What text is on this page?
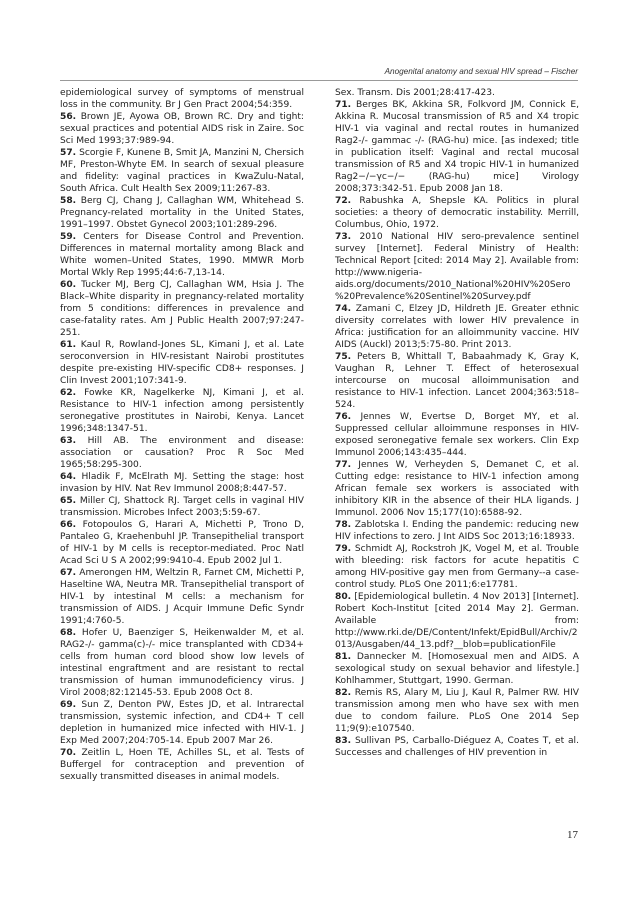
Anogenital anatomy and sexual HIV spread – Fischer

epidemiological survey of symptoms of menstrual loss in the community. Br J Gen Pract 2004;54:359.

56. Brown JE, Ayowa OB, Brown RC. Dry and tight: sexual practices and potential AIDS risk in Zaire. Soc Sci Med 1993;37:989-94.

57. Scorgie F, Kunene B, Smit JA, Manzini N, Chersich MF, Preston-Whyte EM. In search of sexual pleasure and fidelity: vaginal practices in KwaZulu-Natal, South Africa. Cult Health Sex 2009;11:267-83.

58. Berg CJ, Chang J, Callaghan WM, Whitehead S. Pregnancy-related mortality in the United States, 1991–1997. Obstet Gynecol 2003;101:289-296.

59. Centers for Disease Control and Prevention. Differences in maternal mortality among Black and White women–United States, 1990. MMWR Morb Mortal Wkly Rep 1995;44:6-7,13-14.

60. Tucker MJ, Berg CJ, Callaghan WM, Hsia J. The Black–White disparity in pregnancy-related mortality from 5 conditions: differences in prevalence and case-fatality rates. Am J Public Health 2007;97:247-251.

61. Kaul R, Rowland-Jones SL, Kimani J, et al. Late seroconversion in HIV-resistant Nairobi prostitutes despite pre-existing HIV-specific CD8+ responses. J Clin Invest 2001;107:341-9.

62. Fowke KR, Nagelkerke NJ, Kimani J, et al. Resistance to HIV-1 infection among persistently seronegative prostitutes in Nairobi, Kenya. Lancet 1996;348:1347-51.

63. Hill AB. The environment and disease: association or causation? Proc R Soc Med 1965;58:295-300.

64. Hladik F, McElrath MJ. Setting the stage: host invasion by HIV. Nat Rev Immunol 2008;8:447-57.

65. Miller CJ, Shattock RJ. Target cells in vaginal HIV transmission. Microbes Infect 2003;5:59-67.

66. Fotopoulos G, Harari A, Michetti P, Trono D, Pantaleo G, Kraehenbuhl JP. Transepithelial transport of HIV-1 by M cells is receptor-mediated. Proc Natl Acad Sci U S A 2002;99:9410-4. Epub 2002 Jul 1.

67. Amerongen HM, Weltzin R, Farnet CM, Michetti P, Haseltine WA, Neutra MR. Transepithelial transport of HIV-1 by intestinal M cells: a mechanism for transmission of AIDS. J Acquir Immune Defic Syndr 1991;4:760-5.

68. Hofer U, Baenziger S, Heikenwalder M, et al. RAG2-/- gamma(c)-/- mice transplanted with CD34+ cells from human cord blood show low levels of intestinal engraftment and are resistant to rectal transmission of human immunodeficiency virus. J Virol 2008;82:12145-53. Epub 2008 Oct 8.

69. Sun Z, Denton PW, Estes JD, et al. Intrarectal transmission, systemic infection, and CD4+ T cell depletion in humanized mice infected with HIV-1. J Exp Med 2007;204:705-14. Epub 2007 Mar 26.

70. Zeitlin L, Hoen TE, Achilles SL, et al. Tests of Buffergel for contraception and prevention of sexually transmitted diseases in animal models.

Sex. Transm. Dis 2001;28:417-423.

71. Berges BK, Akkina SR, Folkvord JM, Connick E, Akkina R. Mucosal transmission of R5 and X4 tropic HIV-1 via vaginal and rectal routes in humanized Rag2-/- gammac -/- (RAG-hu) mice. [as indexed; title in publication itself: Vaginal and rectal mucosal transmission of R5 and X4 tropic HIV-1 in humanized Rag2−/−γc−/− (RAG-hu) mice] Virology 2008;373:342-51. Epub 2008 Jan 18.

72. Rabushka A, Shepsle KA. Politics in plural societies: a theory of democratic instability. Merrill, Columbus, Ohio, 1972.

73. 2010 National HIV sero-prevalence sentinel survey [Internet]. Federal Ministry of Health: Technical Report [cited: 2014 May 2]. Available from: http://www.nigeria-aids.org/documents/2010_National%20HIV%20Sero%20Prevalence%20Sentinel%20Survey.pdf

74. Zamani C, Elzey JD, Hildreth JE. Greater ethnic diversity correlates with lower HIV prevalence in Africa: justification for an alloimmunity vaccine. HIV AIDS (Auckl) 2013;5:75-80. Print 2013.

75. Peters B, Whittall T, Babaahmady K, Gray K, Vaughan R, Lehner T. Effect of heterosexual intercourse on mucosal alloimmunisation and resistance to HIV-1 infection. Lancet 2004;363:518–524.

76. Jennes W, Evertse D, Borget MY, et al. Suppressed cellular alloimmune responses in HIV-exposed seronegative female sex workers. Clin Exp Immunol 2006;143:435–444.

77. Jennes W, Verheyden S, Demanet C, et al. Cutting edge: resistance to HIV-1 infection among African female sex workers is associated with inhibitory KIR in the absence of their HLA ligands. J Immunol. 2006 Nov 15;177(10):6588-92.

78. Zablotska I. Ending the pandemic: reducing new HIV infections to zero. J Int AIDS Soc 2013;16:18933.

79. Schmidt AJ, Rockstroh JK, Vogel M, et al. Trouble with bleeding: risk factors for acute hepatitis C among HIV-positive gay men from Germany--a case-control study. PLoS One 2011;6:e17781.

80. [Epidemiological bulletin. 4 Nov 2013] [Internet]. Robert Koch-Institut [cited 2014 May 2]. German. Available from: http://www.rki.de/DE/Content/Infekt/EpidBull/Archiv/2013/Ausgaben/44_13.pdf?__blob=publicationFile

81. Dannecker M. [Homosexual men and AIDS. A sexological study on sexual behavior and lifestyle.] Kohlhammer, Stuttgart, 1990. German.

82. Remis RS, Alary M, Liu J, Kaul R, Palmer RW. HIV transmission among men who have sex with men due to condom failure. PLoS One 2014 Sep 11;9(9):e107540.

83. Sullivan PS, Carballo-Diéguez A, Coates T, et al. Successes and challenges of HIV prevention in

17
